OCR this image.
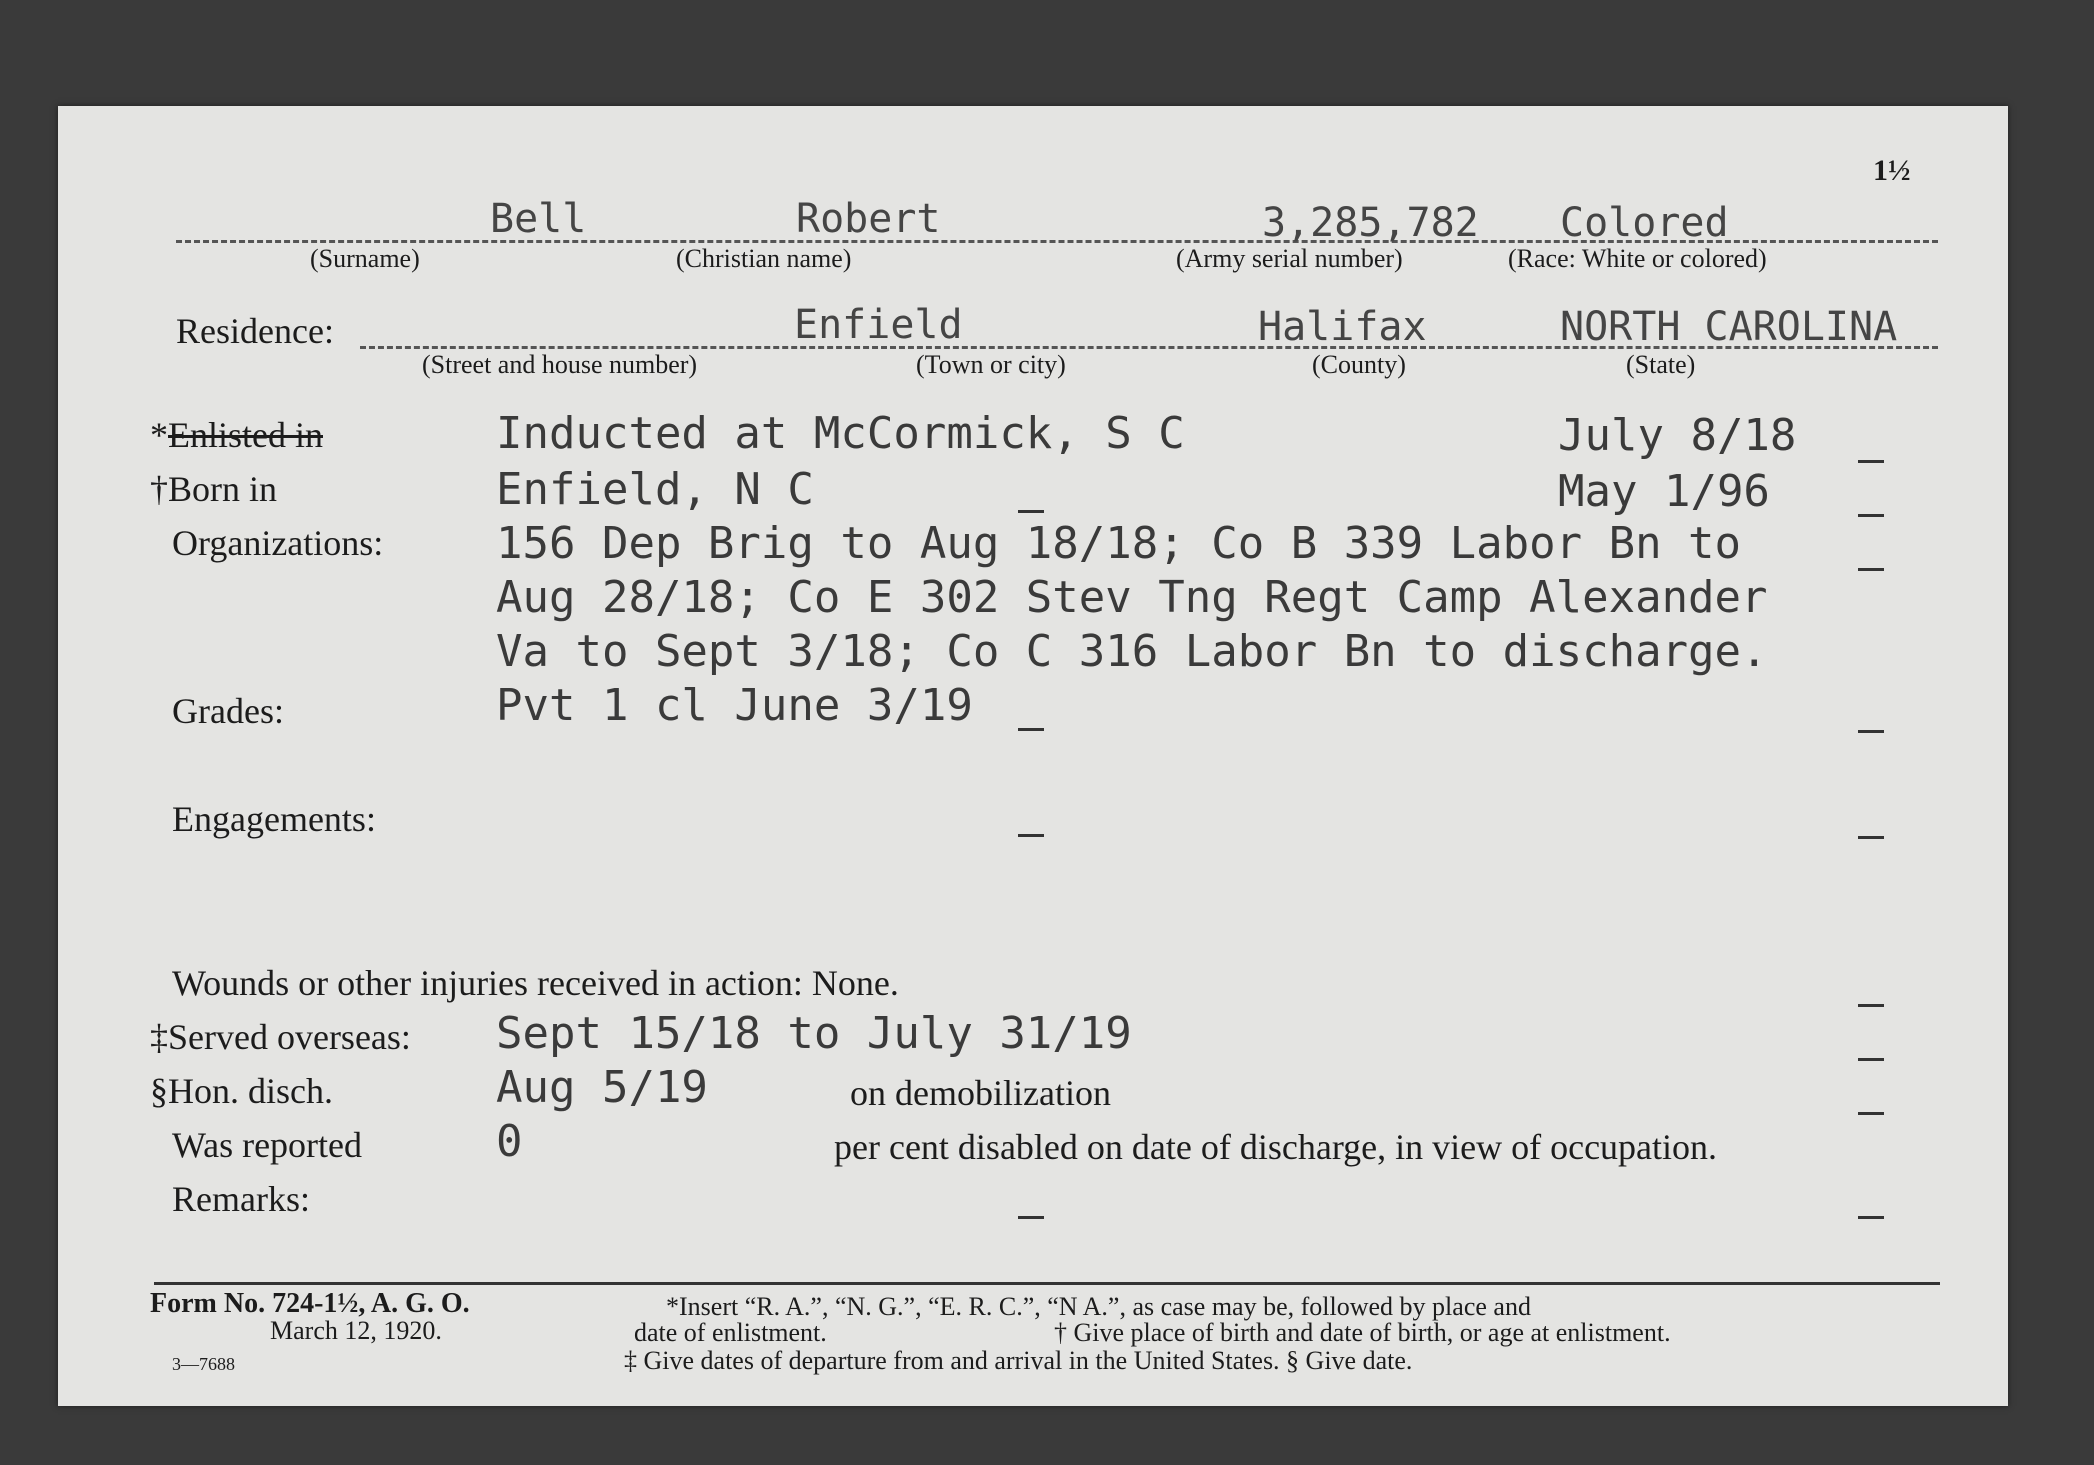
1½
Bell	Robert	3,285,782 Colored
(Surname)	(Christian name)	(Army serial number)	(Race: White or colored)
Residence:	Enfield	Halifax	NORTH CAROLINA
(Street and house number)	(Town or city)	(County)	(State)
*Enlisted in	Inducted at McCormick, S C	July 8/18
†Born in	Enfield, N C	May 1/96
Organizations:	156 Dep Brig to Aug 18/18; Co B 339 Labor Bn to
Aug 28/18; Co E 302 Stev Tng Regt Camp Alexander
Va to Sept 3/18; Co C 316 Labor Bn to discharge.
Grades:	Pvt 1 cl June 3/19
Engagements:
Wounds or other injuries received in action: None.
‡Served overseas: Sept 15/18 to July 31/19
§Hon. disch.	Aug 5/19	on demobilization
Was reported	0	per cent disabled on date of discharge, in view of occupation.
Remarks:
Form No. 724-1½, A. G. O.
March 12, 1920.
3—7688
*Insert “R. A.”, “N. G.”, “E. R. C.”, “N A.”, as case may be, followed by place and
date of enlistment.	† Give place of birth and date of birth, or age at enlistment.
‡ Give dates of departure from and arrival in the United States. § Give date.
